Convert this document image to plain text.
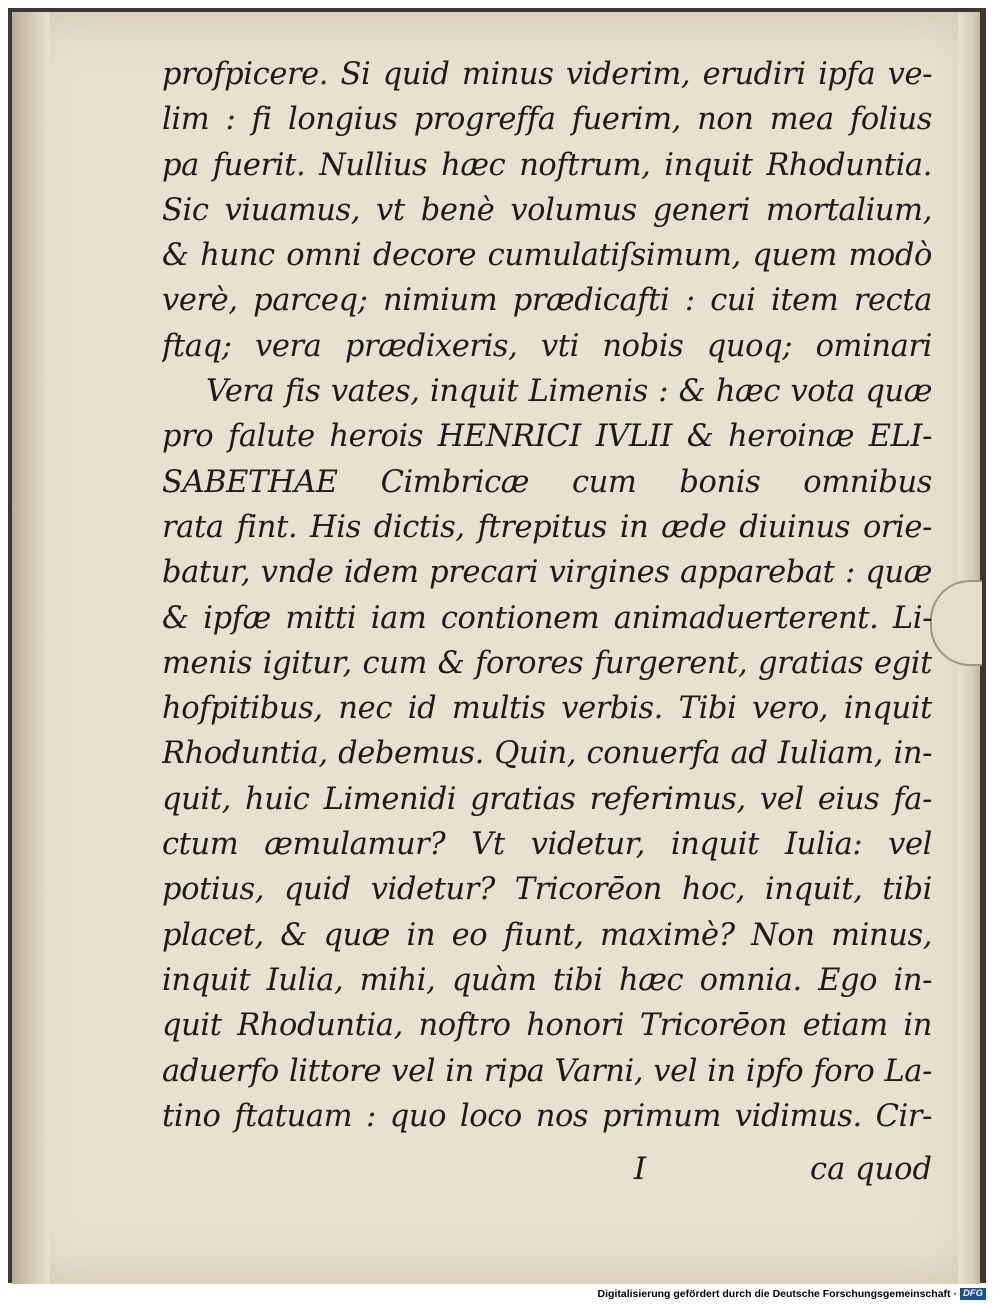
profpicere. Si quid minus viderim, erudiri ipfa ve-
lim : fi longius progreffa fuerim, non mea folius
pa fuerit. Nullius hæc noftrum, inquit Rhoduntia.
Sic viuamus, vt benè volumus generi mortalium,
& hunc omni decore cumulatiſsimum, quem modò
verè, parceq; nimium prædicafti : cui item recta
ftaq; vera prædixeris, vti nobis quoq; ominari
Vera fis vates, inquit Limenis : & hæc vota quæ
pro falute herois HENRICI IVLII & heroinæ ELI-
SABETHAE Cimbricæ cum bonis omnibus
rata fint. His dictis, ftrepitus in æde diuinus orie-
batur, vnde idem precari virgines apparebat : quæ
& ipfæ mitti iam contionem animaduerterent. Li-
menis igitur, cum & forores furgerent, gratias egit
hofpitibus, nec id multis verbis. Tibi vero, inquit
Rhoduntia, debemus. Quin, conuerfa ad Iuliam, in-
quit, huic Limenidi gratias referimus, vel eius fa-
ctum æmulamur? Vt videtur, inquit Iulia: vel
potius, quid videtur? Tricorēon hoc, inquit, tibi
placet, & quæ in eo fiunt, maximè? Non minus,
inquit Iulia, mihi, quàm tibi hæc omnia. Ego in-
quit Rhoduntia, noftro honori Tricorēon etiam in
aduerfo littore vel in ripa Varni, vel in ipfo foro La-
tino ftatuam : quo loco nos primum vidimus. Cir-
I	ca quod
Digitalisierung gefördert durch die Deutsche Forschungsgemeinschaft · DFG
